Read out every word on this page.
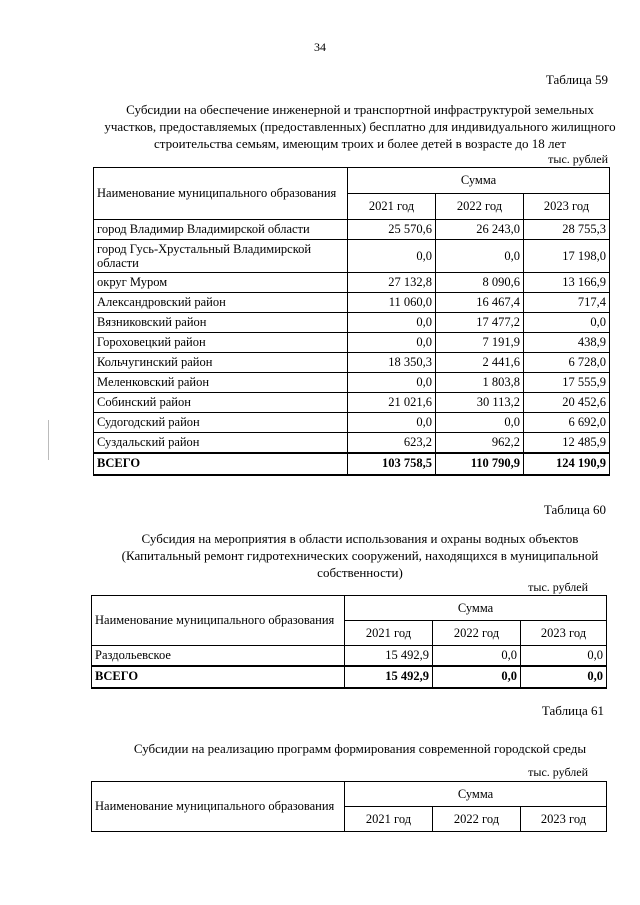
34
Таблица 59
Субсидии на обеспечение инженерной и транспортной инфраструктурой земельных
участков, предоставляемых (предоставленных) бесплатно для индивидуального жилищного
строительства семьям, имеющим троих и более детей в возрасте до 18 лет
тыс. рублей
Наименование муниципального образования	Сумма		
	2021 год	2022 год	2023 год
город Владимир Владимирской области	25 570,6	26 243,0	28 755,3
город Гусь-Хрустальный Владимирской области	0,0	0,0	17 198,0
округ Муром	27 132,8	8 090,6	13 166,9
Александровский район	11 060,0	16 467,4	717,4
Вязниковский район	0,0	17 477,2	0,0
Гороховецкий район	0,0	7 191,9	438,9
Кольчугинский район	18 350,3	2 441,6	6 728,0
Меленковский район	0,0	1 803,8	17 555,9
Собинский район	21 021,6	30 113,2	20 452,6
Судогодский район	0,0	0,0	6 692,0
Суздальский район	623,2	962,2	12 485,9
ВСЕГО	103 758,5	110 790,9	124 190,9
Таблица 60
Субсидия на мероприятия в области использования и охраны водных объектов
(Капитальный ремонт гидротехнических сооружений, находящихся в муниципальной
собственности)
тыс. рублей
Наименование муниципального образования	Сумма		
	2021 год	2022 год	2023 год
Раздольевское	15 492,9	0,0	0,0
ВСЕГО	15 492,9	0,0	0,0
Таблица 61
Субсидии на реализацию программ формирования современной городской среды
тыс. рублей
Наименование муниципального образования	Сумма		
	2021 год	2022 год	2023 год
